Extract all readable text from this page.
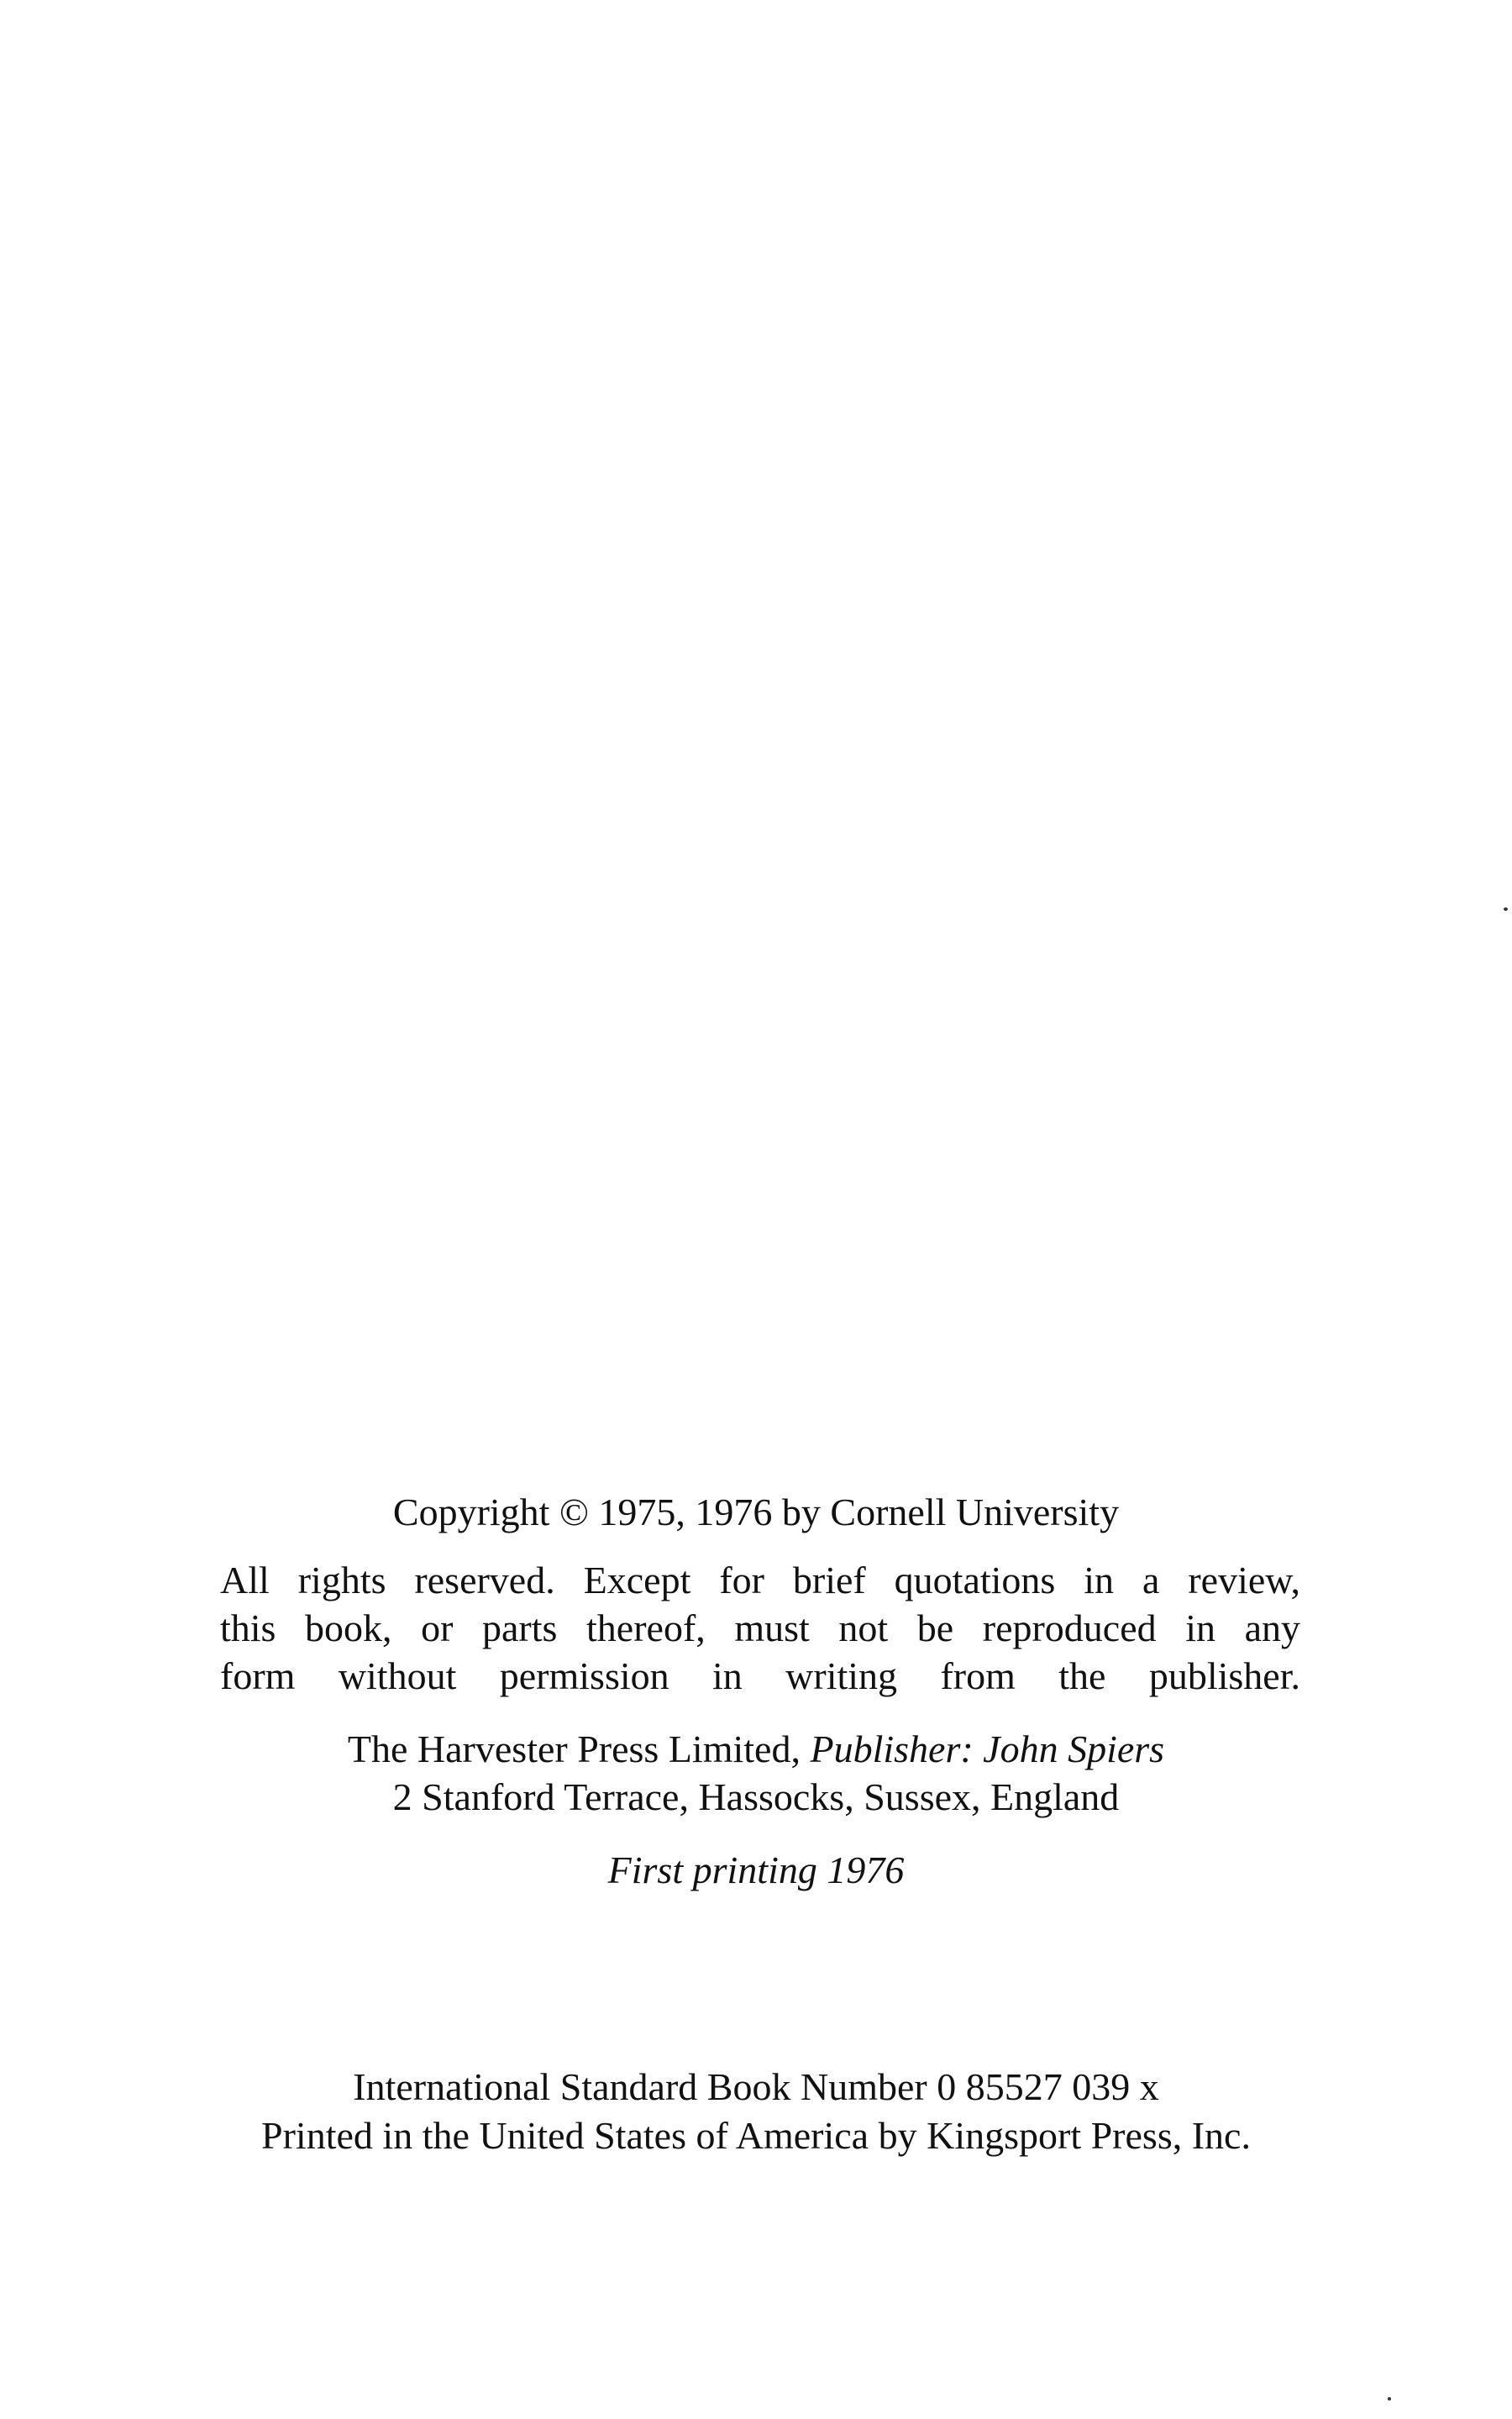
Copyright © 1975, 1976 by Cornell University
All rights reserved. Except for brief quotations in a review,
this book, or parts thereof, must not be reproduced in any
form without permission in writing from the publisher.
The Harvester Press Limited, Publisher: John Spiers
2 Stanford Terrace, Hassocks, Sussex, England
First printing 1976
International Standard Book Number 0 85527 039 x
Printed in the United States of America by Kingsport Press, Inc.
